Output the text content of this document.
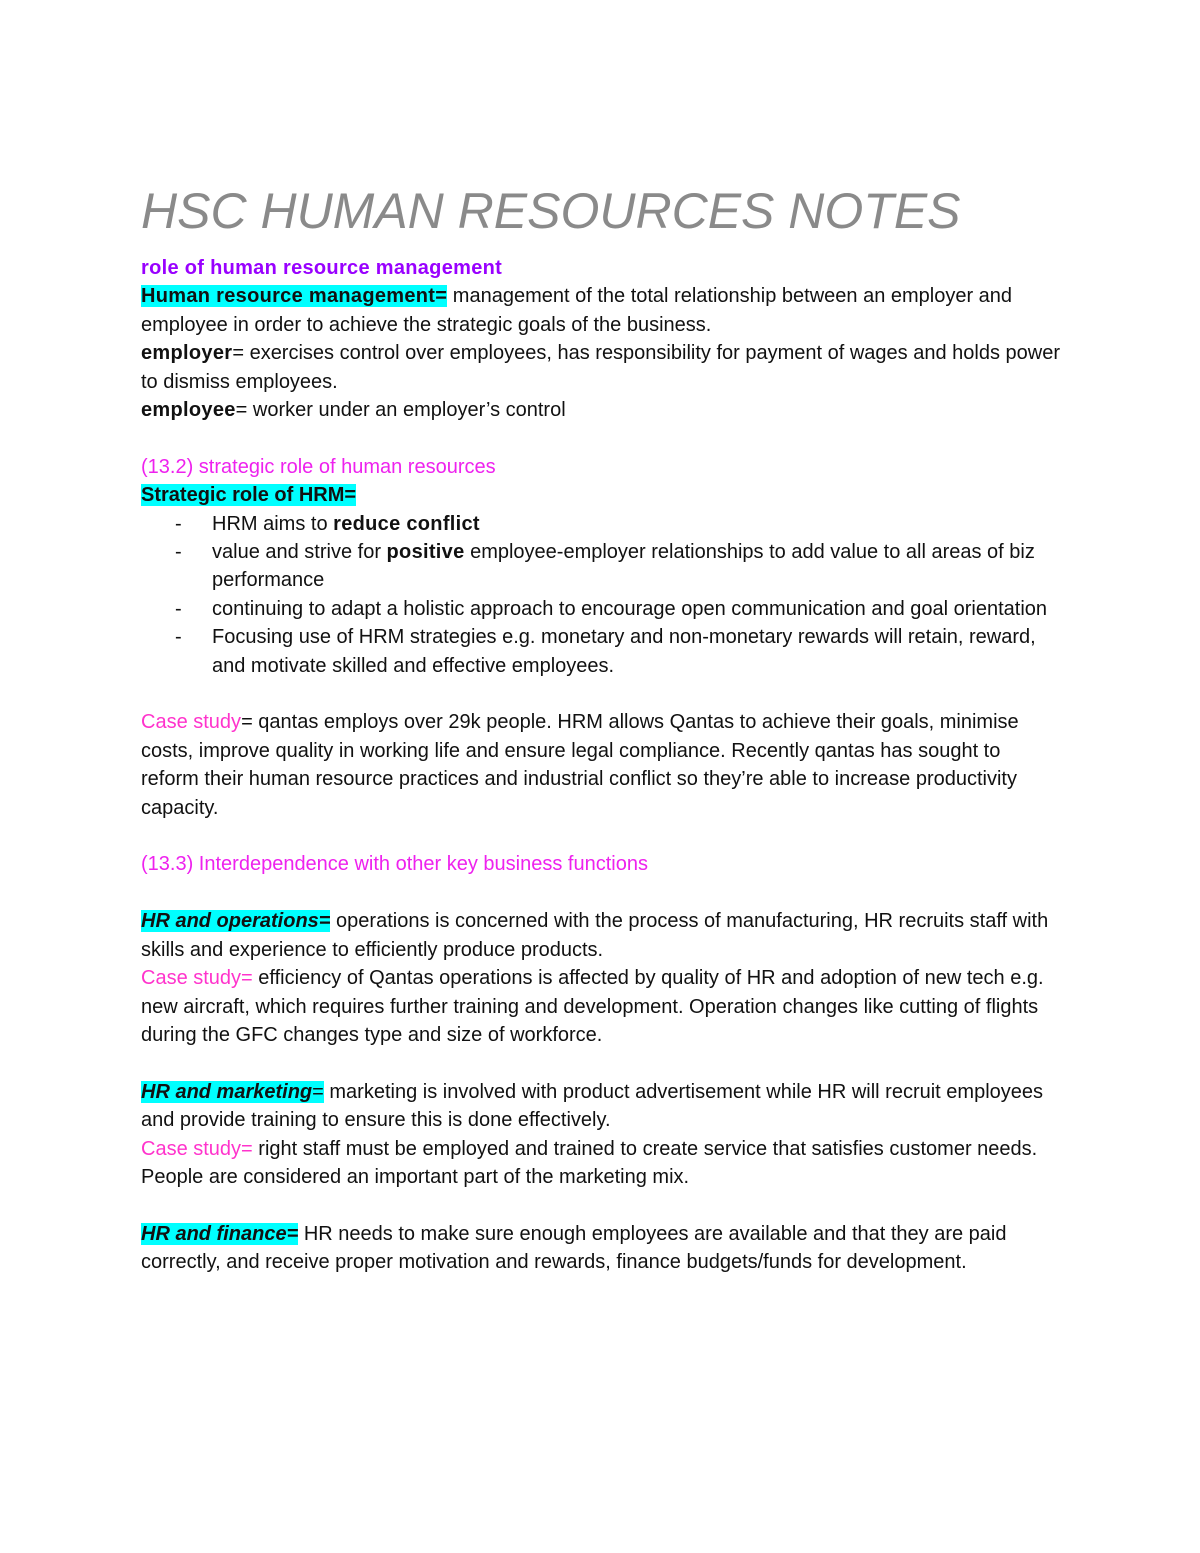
HSC HUMAN RESOURCES NOTES

role of human resource management

Human resource management= management of the total relationship between an employer and employee in order to achieve the strategic goals of the business.

employer= exercises control over employees, has responsibility for payment of wages and holds power to dismiss employees.

employee= worker under an employer’s control

(13.2) strategic role of human resources

Strategic role of HRM=

- HRM aims to reduce conflict
- value and strive for positive employee-employer relationships to add value to all areas of biz performance
- continuing to adapt a holistic approach to encourage open communication and goal orientation
- Focusing use of HRM strategies e.g. monetary and non-monetary rewards will retain, reward, and motivate skilled and effective employees.

Case study= qantas employs over 29k people. HRM allows Qantas to achieve their goals, minimise costs, improve quality in working life and ensure legal compliance. Recently qantas has sought to reform their human resource practices and industrial conflict so they’re able to increase productivity capacity.

(13.3) Interdependence with other key business functions

HR and operations= operations is concerned with the process of manufacturing, HR recruits staff with skills and experience to efficiently produce products.

Case study= efficiency of Qantas operations is affected by quality of HR and adoption of new tech e.g. new aircraft, which requires further training and development. Operation changes like cutting of flights during the GFC changes type and size of workforce.

HR and marketing= marketing is involved with product advertisement while HR will recruit employees and provide training to ensure this is done effectively.

Case study= right staff must be employed and trained to create service that satisfies customer needs. People are considered an important part of the marketing mix.

HR and finance= HR needs to make sure enough employees are available and that they are paid correctly, and receive proper motivation and rewards, finance budgets/funds for development.
